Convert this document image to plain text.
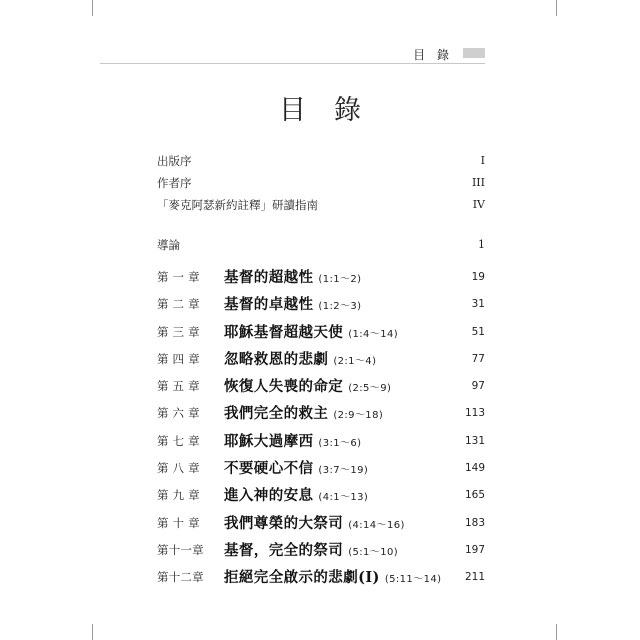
目 錄
目錄
出版序	I
作者序	III
「麥克阿瑟新約註釋」研讀指南	IV
導論	1
第 一 章 基督的超越性 (1:1～2)	19
第 二 章 基督的卓越性 (1:2～3)	31
第 三 章 耶穌基督超越天使 (1:4～14)	51
第 四 章 忽略救恩的悲劇 (2:1～4)	77
第 五 章 恢復人失喪的命定 (2:5～9)	97
第 六 章 我們完全的救主 (2:9～18)	113
第 七 章 耶穌大過摩西 (3:1～6)	131
第 八 章 不要硬心不信 (3:7～19)	149
第 九 章 進入神的安息 (4:1～13)	165
第 十 章 我們尊榮的大祭司 (4:14～16)	183
第十一章 基督，完全的祭司 (5:1～10)	197
第十二章 拒絕完全啟示的悲劇(Ⅰ) (5:11～14) 211
